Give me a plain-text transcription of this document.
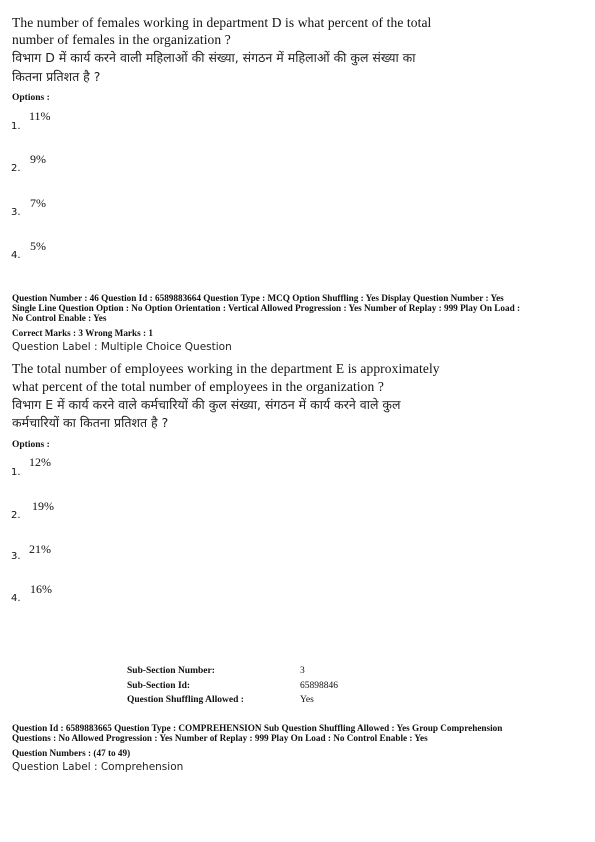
The number of females working in department D is what percent of the total
number of females in the organization ?
विभाग D में कार्य करने वाली महिलाओं की संख्या, संगठन में महिलाओं की कुल संख्या का
कितना प्रतिशत है ?
Options :
11%
1.
9%
2.
7%
3.
5%
4.
Question Number : 46 Question Id : 6589883664 Question Type : MCQ Option Shuffling : Yes Display Question Number : Yes
Single Line Question Option : No Option Orientation : Vertical Allowed Progression : Yes Number of Replay : 999 Play On Load :
No Control Enable : Yes
Correct Marks : 3 Wrong Marks : 1
Question Label : Multiple Choice Question
The total number of employees working in the department E is approximately
what percent of the total number of employees in the organization ?
विभाग E में कार्य करने वाले कर्मचारियों की कुल संख्या, संगठन में कार्य करने वाले कुल
कर्मचारियों का कितना प्रतिशत है ?
Options :
12%
1.
19%
2.
21%
3.
16%
4.
Sub-Section Number:	3
Sub-Section Id:	65898846
Question Shuffling Allowed :	Yes
Question Id : 6589883665 Question Type : COMPREHENSION Sub Question Shuffling Allowed : Yes Group Comprehension
Questions : No Allowed Progression : Yes Number of Replay : 999 Play On Load : No Control Enable : Yes
Question Numbers : (47 to 49)
Question Label : Comprehension
